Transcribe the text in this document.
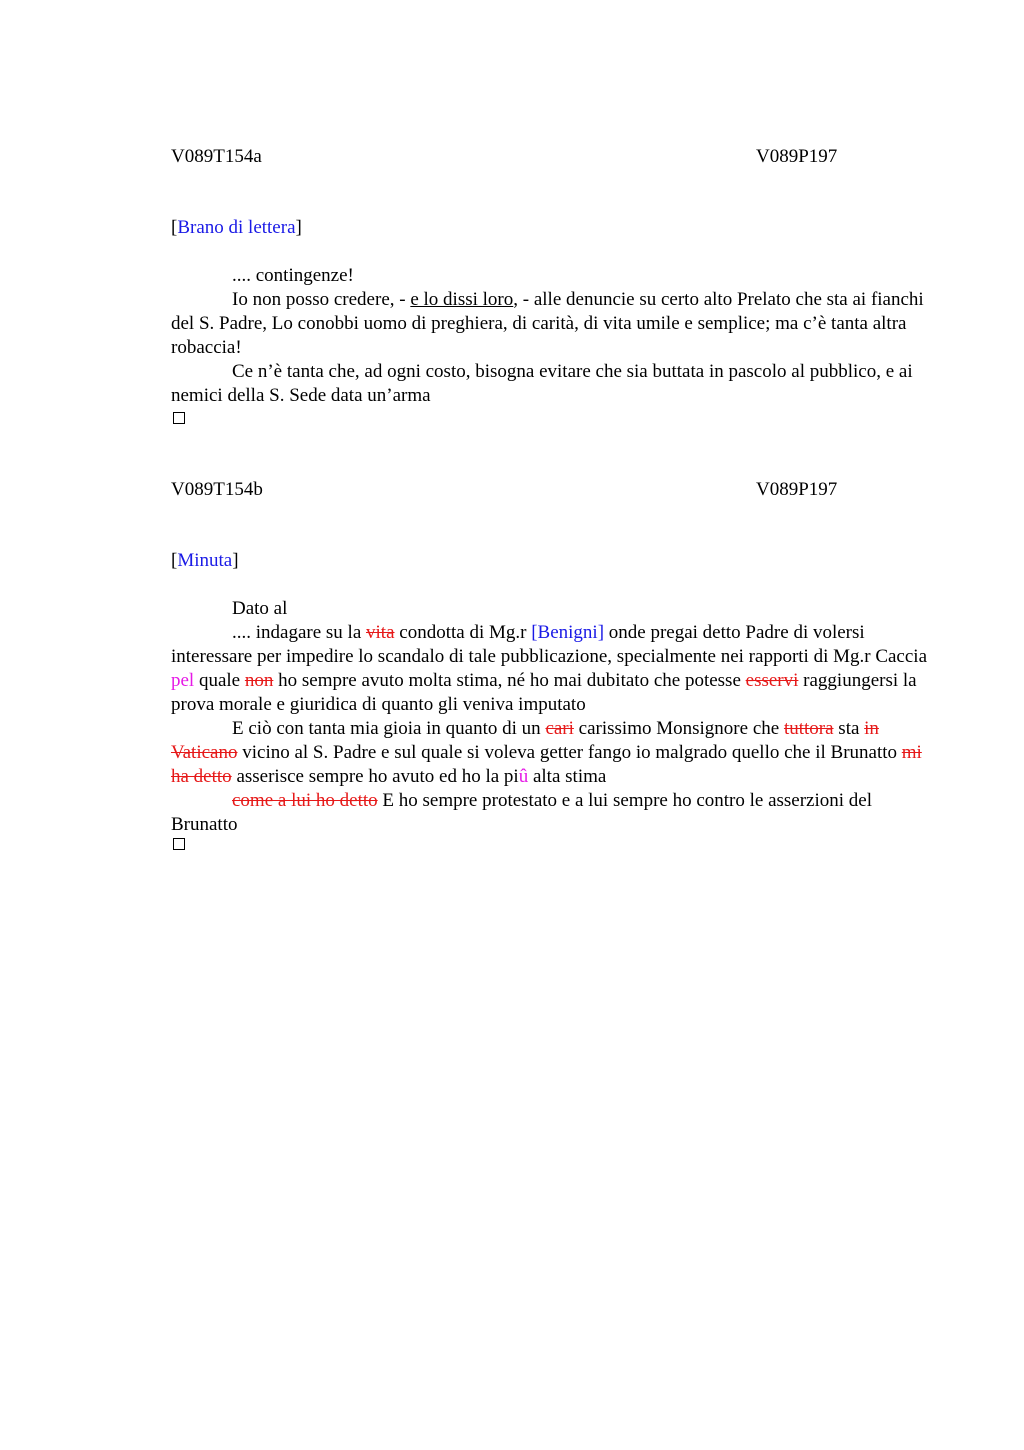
V089T154a	V089P197
[Brano di lettera]

.... contingenze!

Io non posso credere, - e lo dissi loro, - alle denuncie su certo alto Prelato che sta ai fianchi del S. Padre, Lo conobbi uomo di preghiera, di carità, di vita umile e semplice; ma c’è tanta altra robaccia!

Ce n’è tanta che, ad ogni costo, bisogna evitare che sia buttata in pascolo al pubblico, e ai nemici della S. Sede data un’arma

V089T154b	V089P197
[Minuta]

Dato al

.... indagare su la vita condotta di Mg.r [Benigni] onde pregai detto Padre di volersi interessare per impedire lo scandalo di tale pubblicazione, specialmente nei rapporti di Mg.r Caccia pel quale non ho sempre avuto molta stima, né ho mai dubitato che potesse esservi raggiungersi la prova morale e giuridica di quanto gli veniva imputato

E ciò con tanta mia gioia in quanto di un cari carissimo Monsignore che tuttora sta in Vaticano vicino al S. Padre e sul quale si voleva getter fango io malgrado quello che il Brunatto mi ha detto asserisce sempre ho avuto ed ho la piû alta stima

come a lui ho detto E ho sempre protestato e a lui sempre ho contro le asserzioni del Brunatto
